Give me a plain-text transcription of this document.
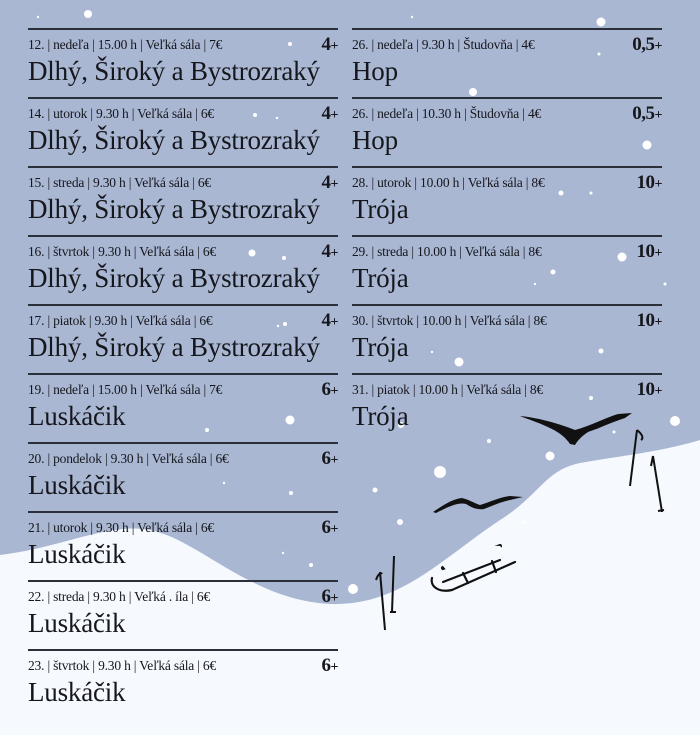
12. | nedeľa | 15.00 h | Veľká sála | 7€	4+
Dlhý, Široký a Bystrozraký
14. | utorok | 9.30 h | Veľká sála | 6€	4+
Dlhý, Široký a Bystrozraký
15. | streda | 9.30 h | Veľká sála | 6€	4+
Dlhý, Široký a Bystrozraký
16. | štvrtok | 9.30 h | Veľká sála | 6€	4+
Dlhý, Široký a Bystrozraký
17. | piatok | 9.30 h | Veľká sála | 6€	4+
Dlhý, Široký a Bystrozraký
19. | nedeľa | 15.00 h | Veľká sála | 7€	6+
Luskáčik
20. | pondelok | 9.30 h | Veľká sála | 6€	6+
Luskáčik
21. | utorok | 9.30 h | Veľká sála | 6€	6+
Luskáčik
22. | streda | 9.30 h | Veľká . íla | 6€	6+
Luskáčik
23. | štvrtok | 9.30 h | Veľká sála | 6€	6+
Luskáčik
26. | nedeľa | 9.30 h | Študovňa | 4€	0,5+
Hop
26. | nedeľa | 10.30 h | Študovňa | 4€	0,5+
Hop
28. | utorok | 10.00 h | Veľká sála | 8€	10+
Trója
29. | streda | 10.00 h | Veľká sála | 8€	10+
Trója
30. | štvrtok | 10.00 h | Veľká sála | 8€	10+
Trója
31. | piatok | 10.00 h | Veľká sála | 8€	10+
Trója
